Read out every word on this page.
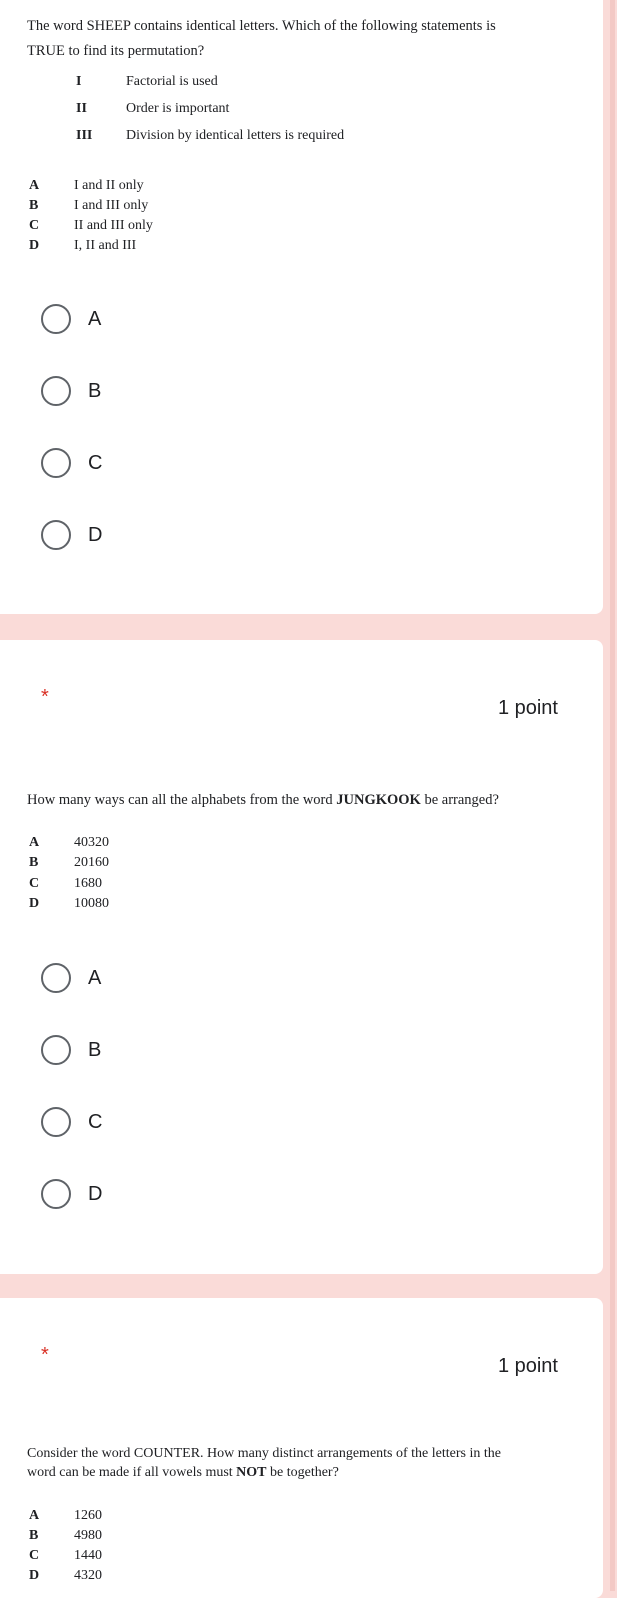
The word SHEEP contains identical letters. Which of the following statements is
TRUE to find its permutation?
I	Factorial is used
II	Order is important
III	Division by identical letters is required
A I and II only
B	I and III only
C II and III only
D I, II and III
A
B
C
D
*	1 point
How many ways can all the alphabets from the word JUNGKOOK be arranged?
A 40320
B	20160
C 1680
D 10080
A
B
C
D
*	1 point
Consider the word COUNTER. How many distinct arrangements of the letters in the
word can be made if all vowels must NOT be together?
A 1260
B	4980
C 1440
D 4320
